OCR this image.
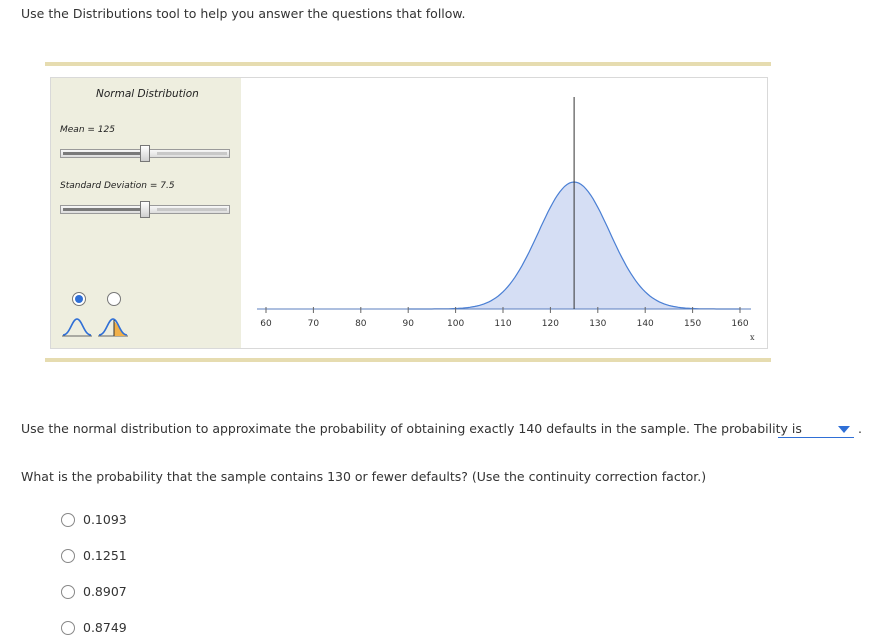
Use the Distributions tool to help you answer the questions that follow.
Normal Distribution
Mean = 125
Standard Deviation = 7.5
60	70	80	90	100	110	120	130	140	150	160
x
Use the normal distribution to approximate the probability of obtaining exactly 140 defaults in the sample. The probability is	.
What is the probability that the sample contains 130 or fewer defaults? (Use the continuity correction factor.)
0.1093
0.1251
0.8907
0.8749
